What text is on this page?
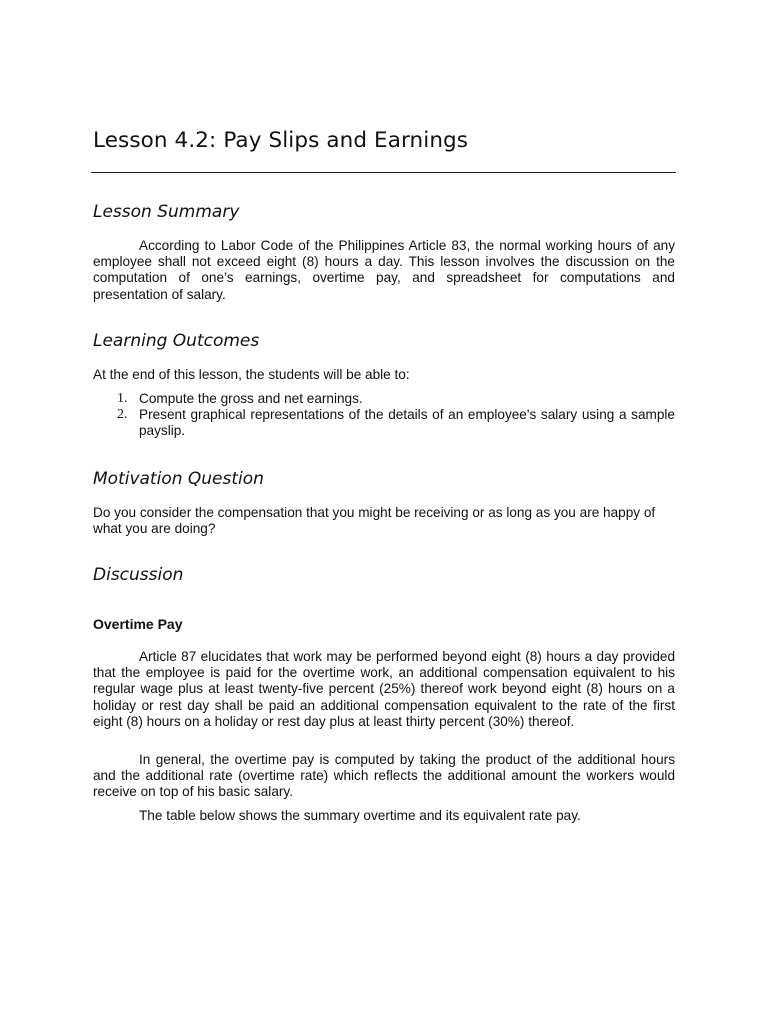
Lesson 4.2: Pay Slips and Earnings
Lesson Summary

According to Labor Code of the Philippines Article 83, the normal working hours of any employee shall not exceed eight (8) hours a day. This lesson involves the discussion on the computation of one’s earnings, overtime pay, and spreadsheet for computations and presentation of salary.

Learning Outcomes

At the end of this lesson, the students will be able to:

1. Compute the gross and net earnings.
2. Present graphical representations of the details of an employee's salary using a sample payslip.
Motivation Question

Do you consider the compensation that you might be receiving or as long as you are happy of what you are doing?

Discussion
Overtime Pay

Article 87 elucidates that work may be performed beyond eight (8) hours a day provided that the employee is paid for the overtime work, an additional compensation equivalent to his regular wage plus at least twenty-five percent (25%) thereof work beyond eight (8) hours on a holiday or rest day shall be paid an additional compensation equivalent to the rate of the first eight (8) hours on a holiday or rest day plus at least thirty percent (30%) thereof.

In general, the overtime pay is computed by taking the product of the additional hours and the additional rate (overtime rate) which reflects the additional amount the workers would receive on top of his basic salary.

The table below shows the summary overtime and its equivalent rate pay.
